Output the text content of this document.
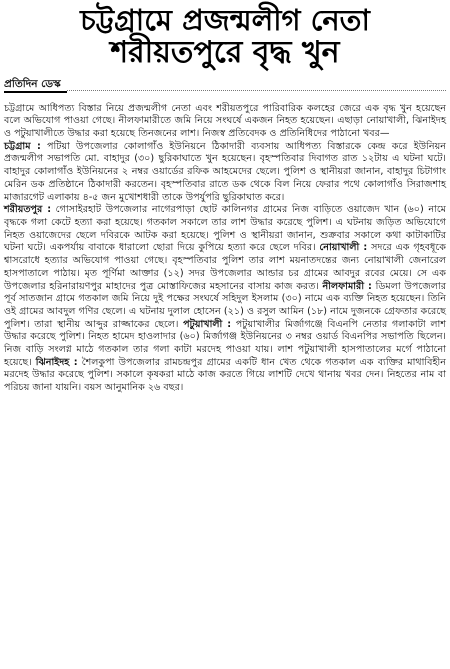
চট্টগ্রামে প্রজন্মলীগ নেতা
শরীয়তপুরে বৃদ্ধ খুন
প্রতিদিন ডেস্ক

চট্টগ্রামে আধিপত্য বিস্তার নিয়ে প্রজন্মলীগ নেতা এবং শরীয়তপুরে পারিবারিক কলহের জেরে এক বৃদ্ধ খুন হয়েছেন বলে অভিযোগ পাওয়া গেছে। নীলফামারীতে জমি নিয়ে সংঘর্ষে একজন নিহত হয়েছেন। এছাড়া নোয়াখালী, ঝিনাইদহ ও পটুয়াখালীতে উদ্ধার করা হয়েছে তিনজনের লাশ। নিজস্ব প্রতিবেদক ও প্রতিনিধিদের পাঠানো খবর—

চট্টগ্রাম : পটিয়া উপজেলার কোলাগাঁও ইউনিয়নে ঠিকাদারী ব্যবসায় আধিপত্য বিস্তারকে কেন্দ্র করে ইউনিয়ন প্রজন্মলীগ সভাপতি মো. বাহাদুর (৩০) ছুরিকাঘাতে খুন হয়েছেন। বৃহস্পতিবার দিবাগত রাত ১২টায় এ ঘটনা ঘটে। বাহাদুর কোলাগাঁও ইউনিয়নের ২ নম্বর ওয়ার্ডের রফিক আহমেদের ছেলে। পুলিশ ও স্থানীয়রা জানান, বাহাদুর চিটাগাং মেরিন ডক প্রতিষ্ঠানে ঠিকাদারী করতেন। বৃহস্পতিবার রাতে ডক থেকে বিল নিয়ে ফেরার পথে কোলাগাঁও সিরাজশাহ মাজারগেট এলাকায় ৪-৫ জন মুখোশধারী তাকে উপর্যুপরি ছুরিকাঘাত করে।

শরীয়তপুর : গোসাইরহাট উপজেলার নাগেরপাড়া ছোট কালিনগর গ্রামের নিজ বাড়িতে ওয়াজেদ খান (৬০) নামে বৃদ্ধকে গলা কেটে হত্যা করা হয়েছে। গতকাল সকালে তার লাশ উদ্ধার করেছে পুলিশ। এ ঘটনায় জড়িত অভিযোগে নিহত ওয়াজেদের ছেলে দবিরকে আটক করা হয়েছে। পুলিশ ও স্থানীয়রা জানান, শুক্রবার সকালে কথা কাটাকাটির ঘটনা ঘটে। একপর্যায় বাবাকে ধারালো ছোরা দিয়ে কুপিয়ে হত্যা করে ছেলে দবির। নোয়াখালী : সদরে এক গৃহবধূকে শ্বাসরোধে হত্যার অভিযোগ পাওয়া গেছে। বৃহস্পতিবার পুলিশ তার লাশ ময়নাতদন্তের জন্য নোয়াখালী জেনারেল হাসপাতালে পাঠায়। মৃত পূর্ণিমা আক্তার (১২) সদর উপজেলার আন্ডার চর গ্রামের আবদুর রবের মেয়ে। সে এক উপজেলার হরিনারায়ণপুর মাহাদের পুত্র মোস্তাফিজের মহসানের বাসায় কাজ করত। নীলফামারী : ডিমলা উপজেলার পূর্ব সাতজান গ্রামে গতকাল জমি নিয়ে দুই পক্ষের সংঘর্ষে সহিদুল ইসলাম (৩০) নামে এক ব্যক্তি নিহত হয়েছেন। তিনি ওই গ্রামের আবদুল গণির ছেলে। এ ঘটনায় দুলাল হোসেন (২১) ও রসুল আমিন (১৮) নামে দুজনকে গ্রেফতার করেছে পুলিশ। তারা স্থানীয় আব্দুর রাজ্জাকের ছেলে। পটুয়াখালী : পটুয়াখালীর মির্জাগঞ্জে বিএনপি নেতার গলাকাটা লাশ উদ্ধার করেছে পুলিশ। নিহত হামেদ হাওলাদার (৬০) মির্জাগঞ্জ ইউনিয়নের ৩ নম্বর ওয়ার্ড বিএনপির সভাপতি ছিলেন। নিজ বাড়ি সংলগ্ন মাঠে গতকাল তার গলা কাটা মরদেহ পাওয়া যায়। লাশ পটুয়াখালী হাসপাতালের মর্গে পাঠানো হয়েছে। ঝিনাইদহ : শৈলকুপা উপজেলার রামচন্দ্রপুর গ্রামের একটি ধান খেত থেকে গতকাল এক ব্যক্তির মাথাবিহীন মরদেহ উদ্ধার করেছে পুলিশ। সকালে কৃষকরা মাঠে কাজ করতে গিয়ে লাশটি দেখে থানায় খবর দেন। নিহতের নাম বা পরিচয় জানা যায়নি। বয়স আনুমানিক ২৬ বছর।
